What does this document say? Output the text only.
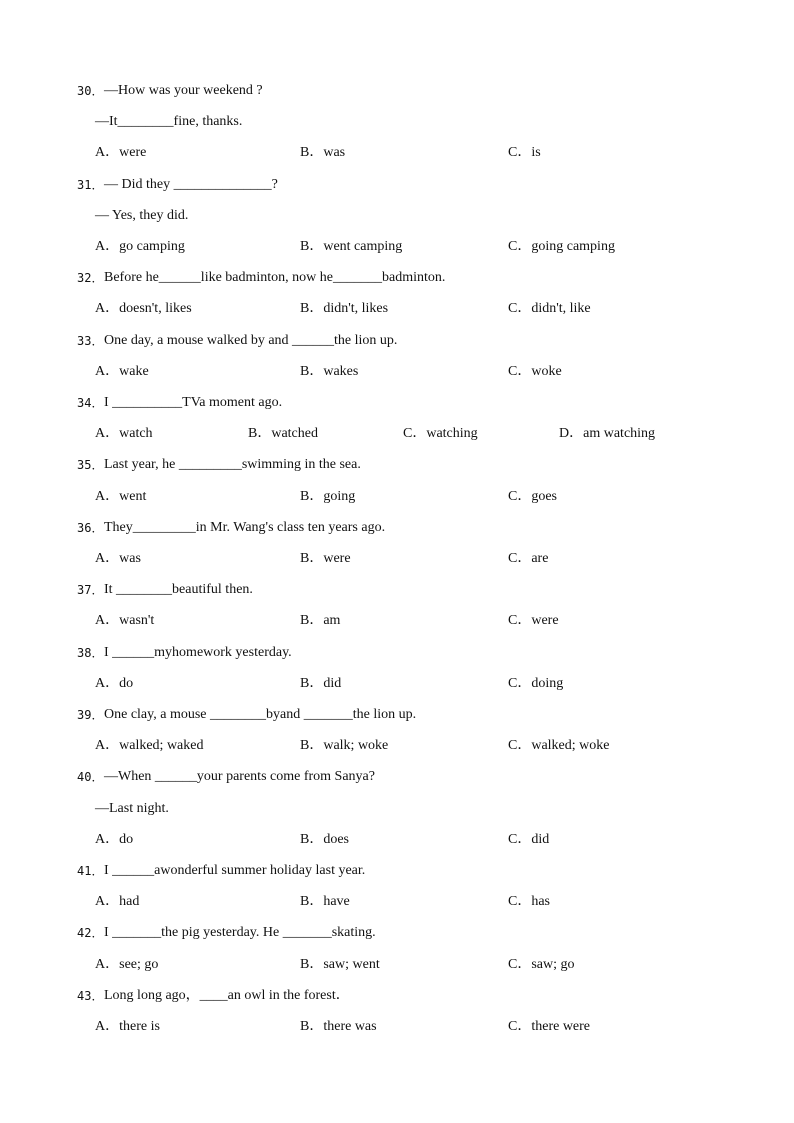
30． —How was your weekend ?
—It________fine, thanks.
A．were	B．was	C．is
31． — Did they ______________?
— Yes, they did.
A．go camping	B．went camping	C．going camping
32． Before he______like badminton, now he_______badminton.
A．doesn't, likes	B．didn't, likes	C．didn't, like
33． One day, a mouse walked by and ______the lion up.
A．wake	B．wakes	C．woke
34． I __________TVa moment ago.
A．watch	B．watched	C．watching	D．am watching
35． Last year, he _________swimming in the sea.
A．went	B．going	C．goes
36． They_________in Mr. Wang's class ten years ago.
A．was	B．were	C．are
37． It ________beautiful then.
A．wasn't	B．am	C．were
38． I ______myhomework yesterday.
A．do	B．did	C．doing
39． One clay, a mouse ________byand _______the lion up.
A．walked; waked	B．walk; woke	C．walked; woke
40． —When ______your parents come from Sanya?
—Last night.
A．do	B．does	C．did
41． I ______awonderful summer holiday last year.
A．had	B．have	C．has
42． I _______the pig yesterday. He _______skating.
A．see; go	B．saw; went	C．saw; go
43． Long long ago，____an owl in the forest．
A．there is	B．there was	C．there were
